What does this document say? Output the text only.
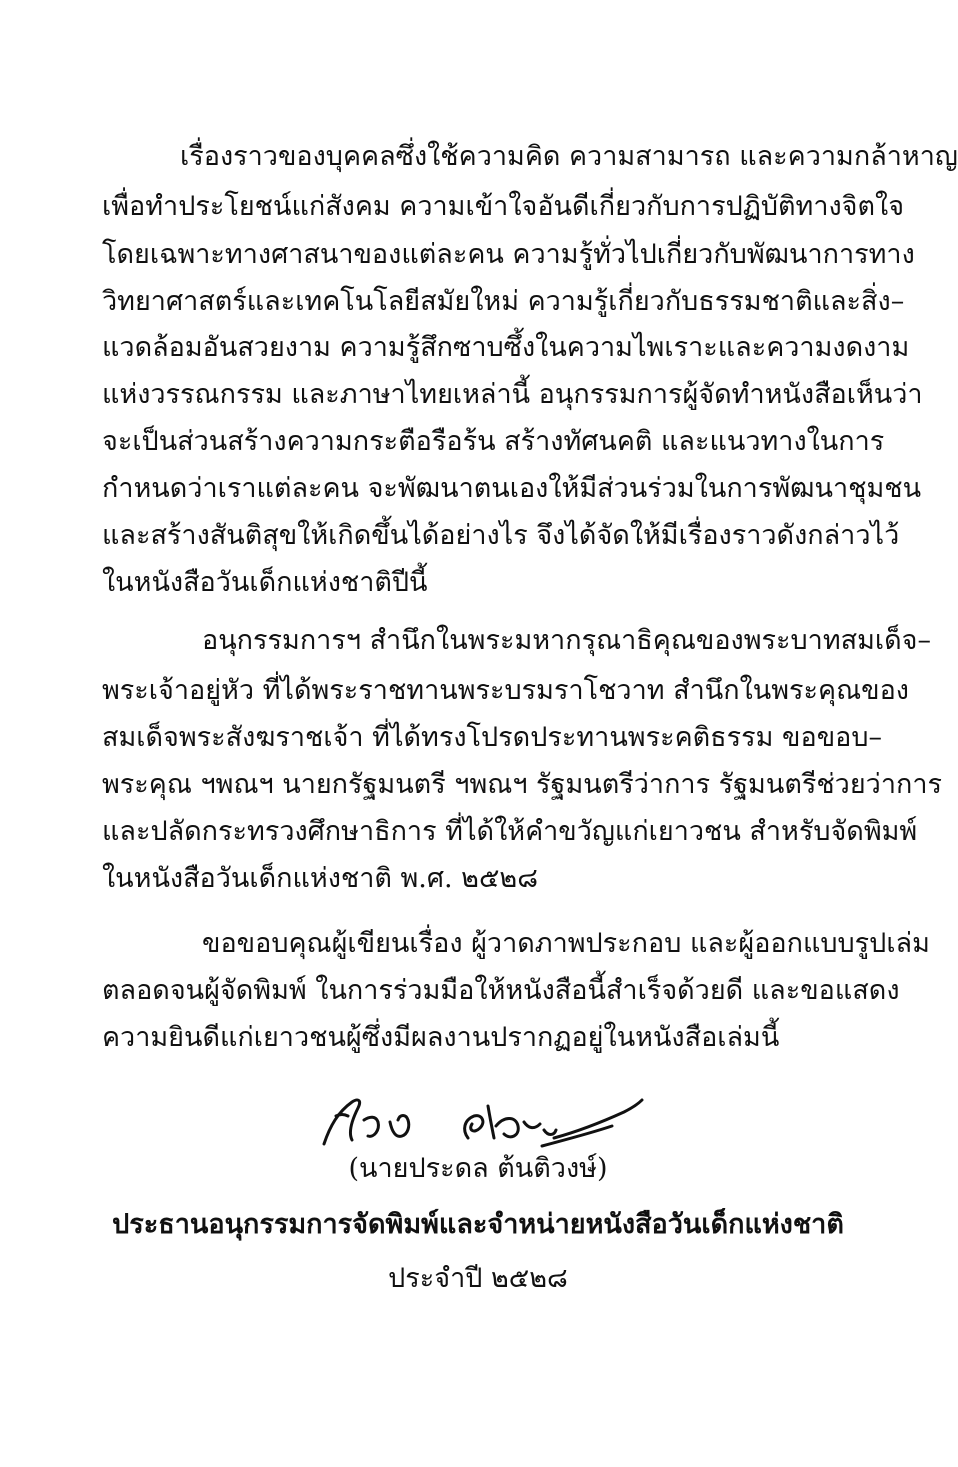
เรื่องราวของบุคคลซึ่งใช้ความคิด ความสามารถ และความกล้าหาญ
เพื่อทำประโยชน์แก่สังคม ความเข้าใจอันดีเกี่ยวกับการปฏิบัติทางจิตใจ
โดยเฉพาะทางศาสนาของแต่ละคน ความรู้ทั่วไปเกี่ยวกับพัฒนาการทาง
วิทยาศาสตร์และเทคโนโลยีสมัยใหม่ ความรู้เกี่ยวกับธรรมชาติและสิ่ง–
แวดล้อมอันสวยงาม ความรู้สึกซาบซึ้งในความไพเราะและความงดงาม
แห่งวรรณกรรม และภาษาไทยเหล่านี้ อนุกรรมการผู้จัดทำหนังสือเห็นว่า
จะเป็นส่วนสร้างความกระตือรือร้น สร้างทัศนคติ และแนวทางในการ
กำหนดว่าเราแต่ละคน จะพัฒนาตนเองให้มีส่วนร่วมในการพัฒนาชุมชน
และสร้างสันติสุขให้เกิดขึ้นได้อย่างไร จึงได้จัดให้มีเรื่องราวดังกล่าวไว้
ในหนังสือวันเด็กแห่งชาติปีนี้
อนุกรรมการฯ สำนึกในพระมหากรุณาธิคุณของพระบาทสมเด็จ–
พระเจ้าอยู่หัว ที่ได้พระราชทานพระบรมราโชวาท สำนึกในพระคุณของ
สมเด็จพระสังฆราชเจ้า ที่ได้ทรงโปรดประทานพระคติธรรม ขอขอบ–
พระคุณ ฯพณฯ นายกรัฐมนตรี ฯพณฯ รัฐมนตรีว่าการ รัฐมนตรีช่วยว่าการ
และปลัดกระทรวงศึกษาธิการ ที่ได้ให้คำขวัญแก่เยาวชน สำหรับจัดพิมพ์
ในหนังสือวันเด็กแห่งชาติ พ.ศ. ๒๕๒๘
ขอขอบคุณผู้เขียนเรื่อง ผู้วาดภาพประกอบ และผู้ออกแบบรูปเล่ม
ตลอดจนผู้จัดพิมพ์ ในการร่วมมือให้หนังสือนี้สำเร็จด้วยดี และขอแสดง
ความยินดีแก่เยาวชนผู้ซึ่งมีผลงานปรากฏอยู่ในหนังสือเล่มนี้
(นายประดล ต้นติวงษ์)
ประธานอนุกรรมการจัดพิมพ์และจำหน่ายหนังสือวันเด็กแห่งชาติ
ประจำปี ๒๕๒๘
